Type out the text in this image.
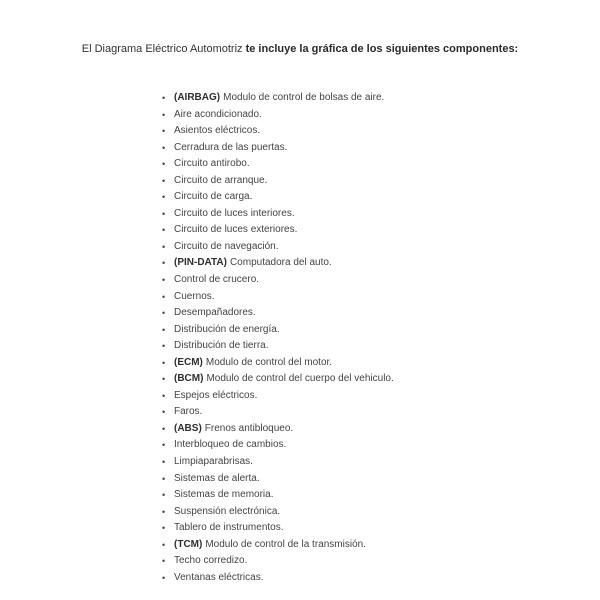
El Diagrama Eléctrico Automotriz te incluye la gráfica de los siguientes componentes:
• (AIRBAG) Modulo de control de bolsas de aire.
• Aire acondicionado.
• Asientos eléctricos.
• Cerradura de las puertas.
• Circuito antirobo.
• Circuito de arranque.
• Circuito de carga.
• Circuito de luces interiores.
• Circuito de luces exteriores.
• Circuito de navegación.
• (PIN-DATA) Computadora del auto.
• Control de crucero.
• Cuernos.
• Desempañadores.
• Distribución de energía.
• Distribución de tierra.
• (ECM) Modulo de control del motor.
• (BCM) Modulo de control del cuerpo del vehiculo.
• Espejos eléctricos.
• Faros.
• (ABS) Frenos antibloqueo.
• Interbloqueo de cambios.
• Limpiaparabrisas.
• Sistemas de alerta.
• Sistemas de memoria.
• Suspensión electrónica.
• Tablero de instrumentos.
• (TCM) Modulo de control de la transmisión.
• Techo corredizo.
• Ventanas eléctricas.
